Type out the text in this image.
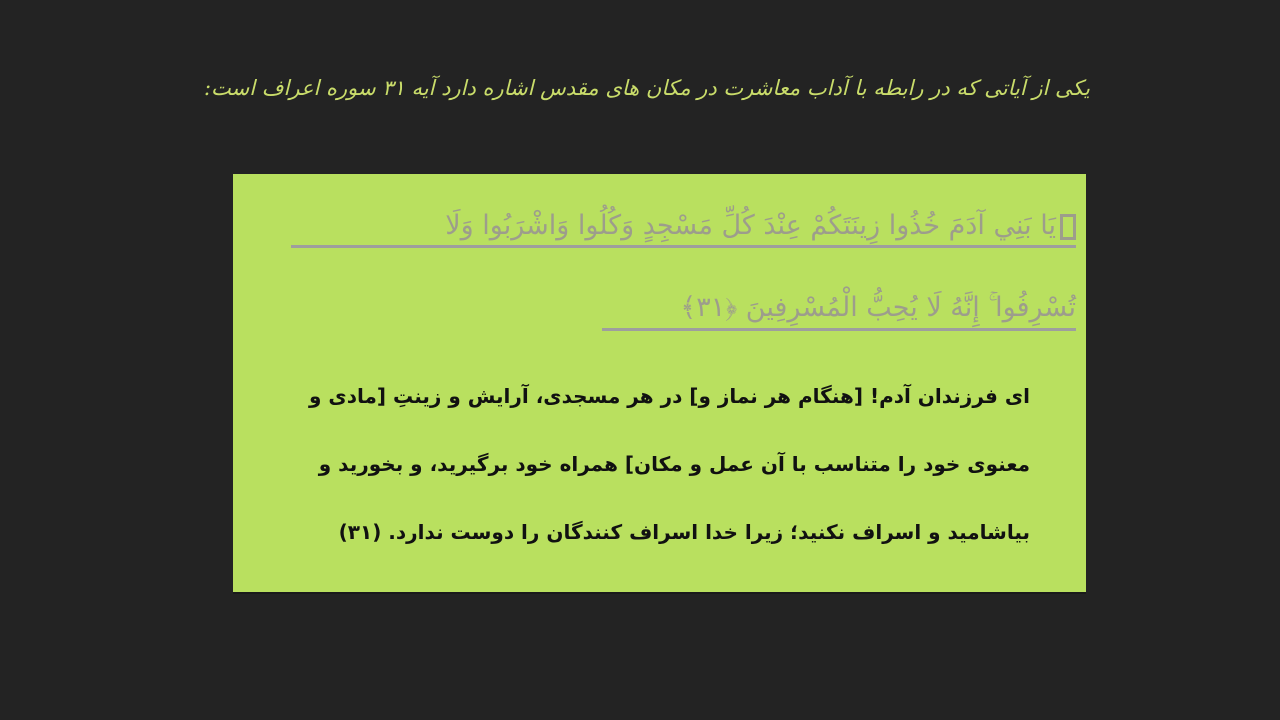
یکی از آیاتی که در رابطه با آداب معاشرت در مکان های مقدس اشاره دارد آیه ۳۱ سوره اعراف است:
یَا بَنِي آدَمَ خُذُوا زِينَتَكُمْ عِنْدَ كُلِّ مَسْجِدٍ وَكُلُوا وَاشْرَبُوا وَلَا
تُسْرِفُوا ۚ إِنَّهُ لَا يُحِبُّ الْمُسْرِفِينَ ﴿٣١﴾
ای فرزندان آدم! [هنگام هر نماز و] در هر مسجدی، آرایش و زینتِ [مادی و
معنوی خود را متناسب با آن عمل و مکان] همراه خود برگیرید، و بخورید و
بیاشامید و اسراف نکنید؛ زیرا خدا اسراف کنندگان را دوست ندارد. (۳۱)
